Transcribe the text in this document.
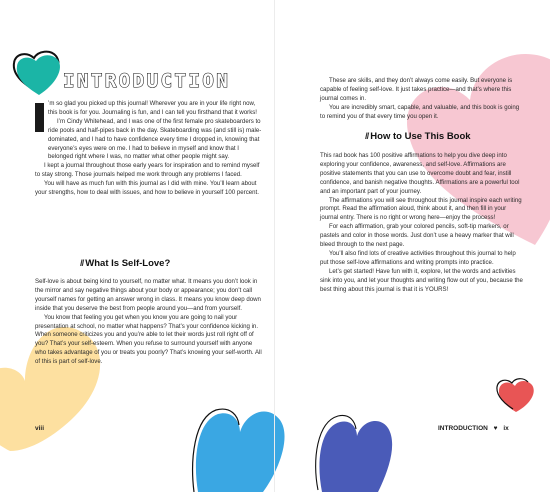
INTRODUCTION

’m so glad you picked up this journal! Wherever you are in your life right now, this book is for you. Journaling is fun, and I can tell you firsthand that it works!

I’m Cindy Whitehead, and I was one of the first female pro skateboarders to ride pools and half-pipes back in the day. Skateboarding was (and still is) male-dominated, and I had to have confidence every time I dropped in, knowing that everyone’s eyes were on me. I had to believe in myself and know that I belonged right where I was, no matter what other people might say.

I kept a journal throughout those early years for inspiration and to remind myself to stay strong. Those journals helped me work through any problems I faced.

You will have as much fun with this journal as I did with mine. You’ll learn about your strengths, how to deal with issues, and how to believe in yourself 100 percent.

// What Is Self-Love?

Self-love is about being kind to yourself, no matter what. It means you don’t look in the mirror and say negative things about your body or appearance; you don’t call yourself names for getting an answer wrong in class. It means you know deep down inside that you deserve the best from people around you—and from yourself.

You know that feeling you get when you know you are going to nail your presentation at school, no matter what happens? That’s your confidence kicking in. When someone criticizes you and you’re able to let their words just roll right off of you? That’s your self-esteem. When you refuse to surround yourself with anyone who takes advantage of you or treats you poorly? That’s knowing your self-worth. All of this is part of self-love.

viii

These are skills, and they don’t always come easily. But everyone is capable of feeling self-love. It just takes practice—and that’s where this journal comes in.

You are incredibly smart, capable, and valuable, and this book is going to remind you of that every time you open it.

// How to Use This Book

This rad book has 100 positive affirmations to help you dive deep into exploring your confidence, awareness, and self-love. Affirmations are positive statements that you can use to overcome doubt and fear, instill confidence, and banish negative thoughts. Affirmations are a powerful tool and an important part of your journey.

The affirmations you will see throughout this journal inspire each writing prompt. Read the affirmation aloud, think about it, and then fill in your journal entry. There is no right or wrong here—enjoy the process!

For each affirmation, grab your colored pencils, soft-tip markers, or pastels and color in those words. Just don’t use a heavy marker that will bleed through to the next page.

You’ll also find lots of creative activities throughout this journal to help put those self-love affirmations and writing prompts into practice.

Let’s get started! Have fun with it, explore, let the words and activities sink into you, and let your thoughts and writing flow out of you, because the best thing about this journal is that it is YOURS!

INTRODUCTION ♥ ix
